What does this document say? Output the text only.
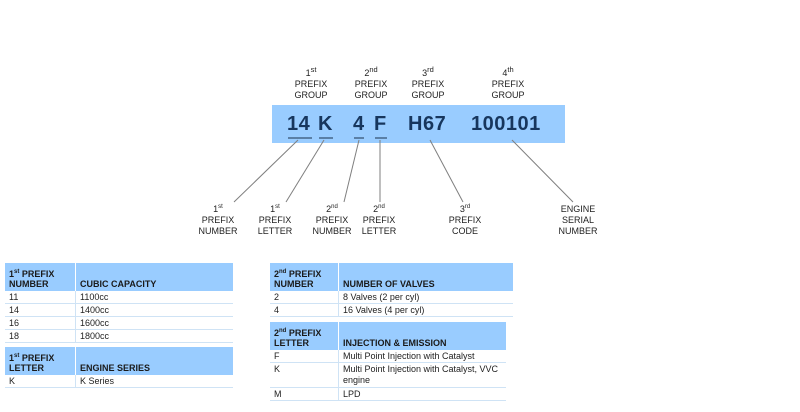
1st
PREFIX
GROUP
2nd
PREFIX
GROUP
3rd
PREFIX
GROUP
4th
PREFIX
GROUP
14 K 4 F H67 100101
1st
PREFIX
NUMBER
1st
PREFIX
LETTER
2nd
PREFIX
NUMBER
2nd
PREFIX
LETTER
3rd
PREFIX
CODE
ENGINE
SERIAL
NUMBER
1st PREFIX
NUMBER	CUBIC CAPACITY
11	1100cc
14	1400cc
16	1600cc
18	1800cc
1st PREFIX
LETTER	ENGINE SERIES
K	K Series
2nd PREFIX
NUMBER	NUMBER OF VALVES
2	8 Valves (2 per cyl)
4	16 Valves (4 per cyl)
2nd PREFIX
LETTER	INJECTION & EMISSION
F	Multi Point Injection with Catalyst
K	Multi Point Injection with Catalyst, VVC engine
M	LPD
